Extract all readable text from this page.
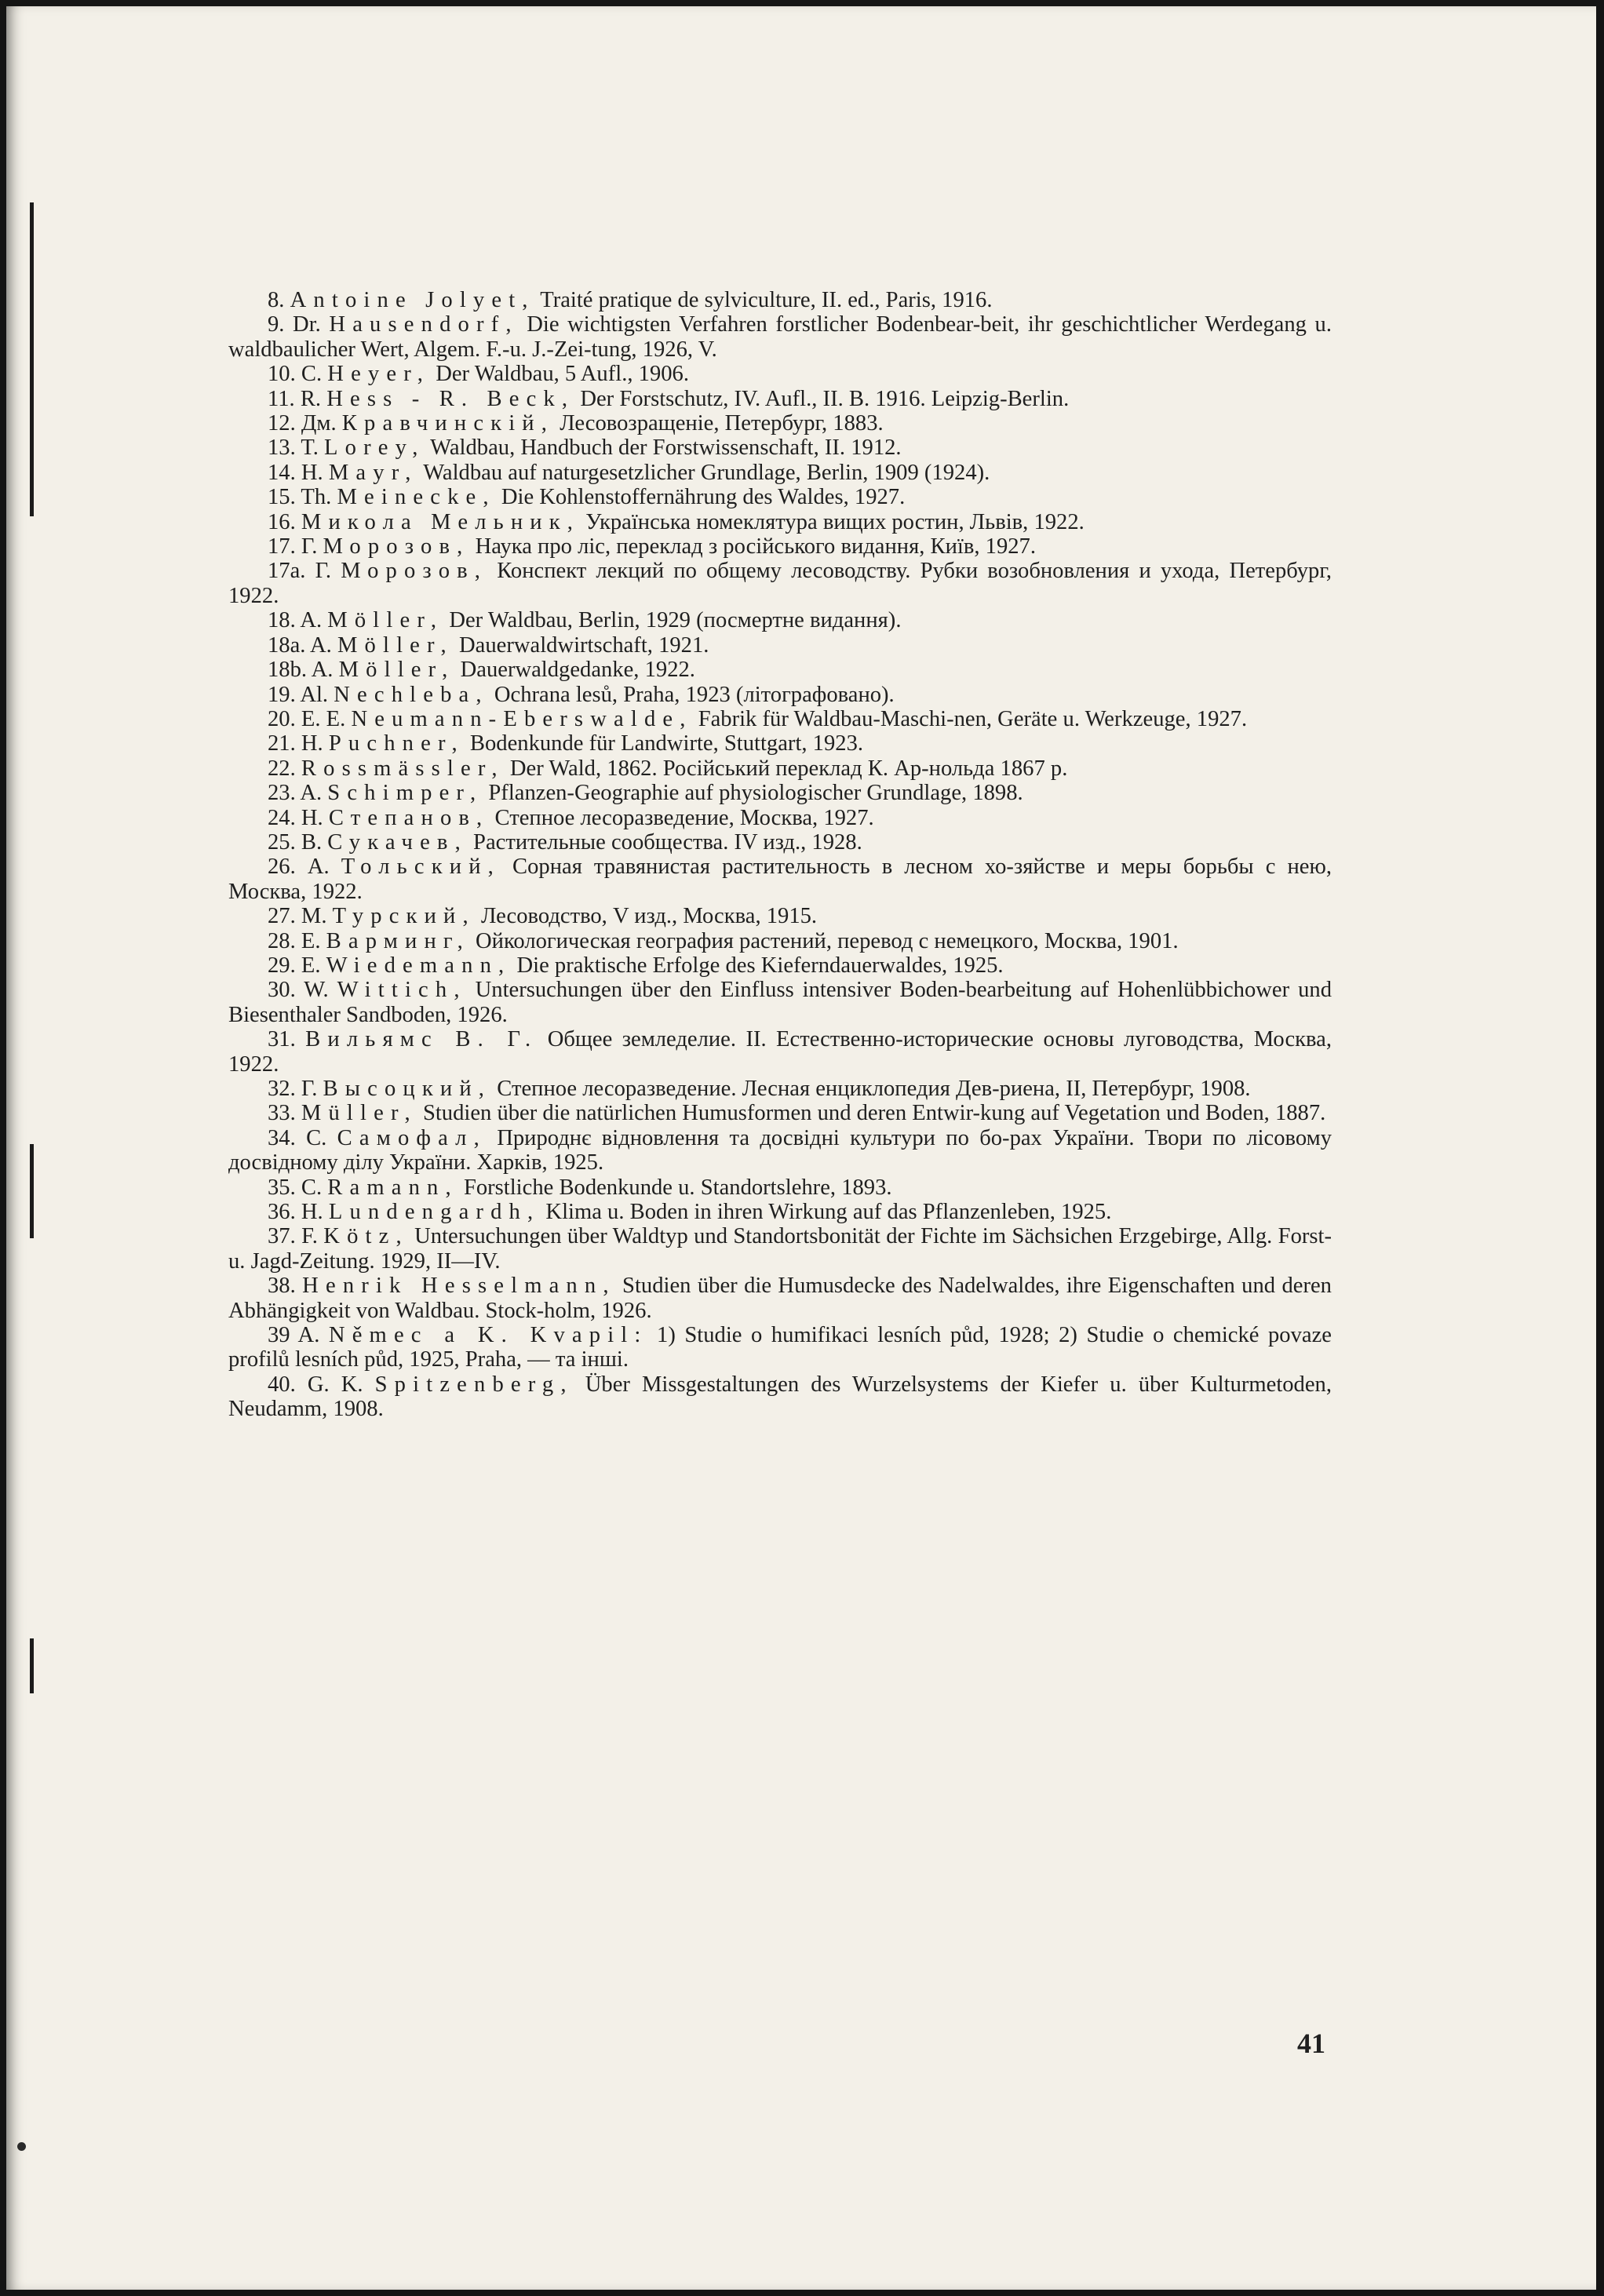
8. Antoine Jolyet, Traité pratique de sylviculture, II. ed., Paris, 1916.

9. Dr. Hausendorf, Die wichtigsten Verfahren forstlicher Bodenbear-beit, ihr geschichtlicher Werdegang u. waldbaulicher Wert, Algem. F.-u. J.-Zei-tung, 1926, V.

10. C. Heyer, Der Waldbau, 5 Aufl., 1906.

11. R. Hess - R. Beck, Der Forstschutz, IV. Aufl., II. B. 1916. Leipzig-Berlin.

12. Дм. Кравчинскій, Лесовозращеніе, Петербург, 1883.

13. T. Lorey, Waldbau, Handbuch der Forstwissenschaft, II. 1912.

14. H. Mayr, Waldbau auf naturgesetzlicher Grundlage, Berlin, 1909 (1924).

15. Th. Meinecke, Die Kohlenstoffernährung des Waldes, 1927.

16. Микола Мельник, Українська номеклятура вищих ростин, Львів, 1922.

17. Г. Морозов, Наука про ліс, переклад з російського видання, Київ, 1927.

17а. Г. Морозов, Конспект лекций по общему лесоводству. Рубки возобновления и ухода, Петербург, 1922.

18. A. Möller, Der Waldbau, Berlin, 1929 (посмертне видання).

18a. A. Möller, Dauerwaldwirtschaft, 1921.

18b. A. Möller, Dauerwaldgedanke, 1922.

19. Al. Nechleba, Ochrana lesů, Praha, 1923 (літографовано).

20. E. E. Neumann-Eberswalde, Fabrik für Waldbau-Maschi-nen, Geräte u. Werkzeuge, 1927.

21. H. Puchner, Bodenkunde für Landwirte, Stuttgart, 1923.

22. Rossmässler, Der Wald, 1862. Російський переклад К. Ар-нольда 1867 р.

23. A. Schimper, Pflanzen-Geographie auf physiologischer Grundlage, 1898.

24. Н. Степанов, Степное лесоразведение, Москва, 1927.

25. В. Сукачев, Растительные сообщества. IV изд., 1928.

26. А. Тольский, Сорная травянистая растительность в лесном хо-зяйстве и меры борьбы с нею, Москва, 1922.

27. М. Турский, Лесоводство, V изд., Москва, 1915.

28. Е. Варминг, Ойкологическая география растений, перевод с немецкого, Москва, 1901.

29. E. Wiedemann, Die praktische Erfolge des Kieferndauerwaldes, 1925.

30. W. Wittich, Untersuchungen über den Einfluss intensiver Boden-bearbeitung auf Hohenlübbichower und Biesenthaler Sandboden, 1926.

31. Вильямс В. Г. Общее земледелие. II. Естественно-исторические основы луговодства, Москва, 1922.

32. Г. Высоцкий, Степное лесоразведение. Лесная енциклопедия Дев-риена, II, Петербург, 1908.

33. Müller, Studien über die natürlichen Humusformen und deren Entwir-kung auf Vegetation und Boden, 1887.

34. С. Самофал, Природнє відновлення та досвідні культури по бо-рах України. Твори по лісовому досвідному ділу України. Харків, 1925.

35. C. Ramann, Forstliche Bodenkunde u. Standortslehre, 1893.

36. H. Lundengardh, Klima u. Boden in ihren Wirkung auf das Pflanzenleben, 1925.

37. F. Kötz, Untersuchungen über Waldtyp und Standortsbonität der Fichte im Sächsichen Erzgebirge, Allg. Forst- u. Jagd-Zeitung. 1929, II—IV.

38. Henrik Hesselmann, Studien über die Humusdecke des Nadelwaldes, ihre Eigenschaften und deren Abhängigkeit von Waldbau. Stock-holm, 1926.

39 A. Němec a K. Kvapil: 1) Studie o humifikaci lesních půd, 1928; 2) Studie o chemické povaze profilů lesních půd, 1925, Praha, — та інші.

40. G. K. Spitzenberg, Über Missgestaltungen des Wurzelsystems der Kiefer u. über Kulturmetoden, Neudamm, 1908.

41
